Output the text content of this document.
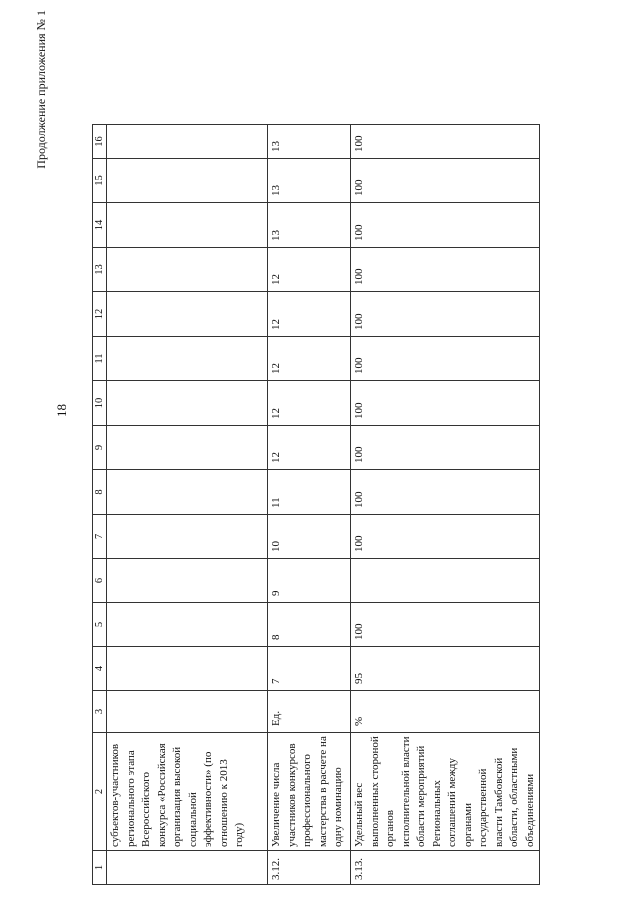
Продолжение приложения № 1
18
1	2	3	4	5	6	7	8	9	10	11	12	13	14	15	16
	субъектов-участников регионального этапа Всероссийского конкурса «Российская организация высокой социальной эффективности» (по отношению к 2013 году)														
3.12.	Увеличение числа участников конкурсов профессионального мастерства в расчете на одну номинацию	Ед.	7	8	9	10	11	12	12	12	12	12	13	13	13
3.13.	Удельный вес выполненных стороной органов исполнительной власти области мероприятий Региональных соглашений между органами государственной власти Тамбовской области, областными объединениями	%	95	100		100	100	100	100	100	100	100	100	100	100
